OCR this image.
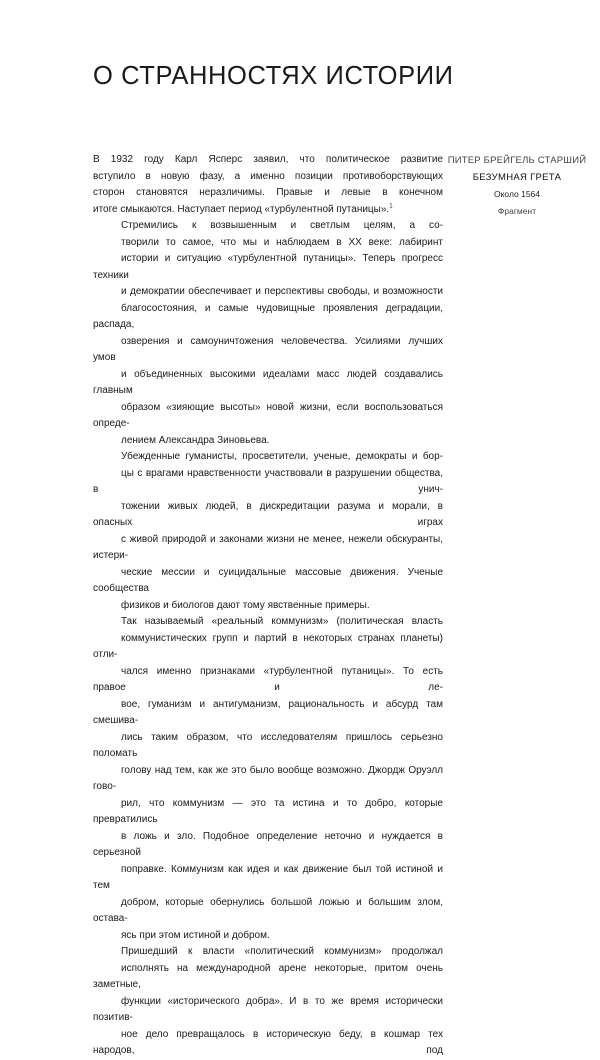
О СТРАННОСТЯХ ИСТОРИИ

В 1932 году Карл Ясперс заявил, что политическое развитие
вступило в новую фазу, а именно позиции противоборствующих
сторон становятся неразличимы. Правые и левые в конечном
итоге смыкаются. Наступает период «турбулентной путаницы».$^1$

Стремились к возвышенным и светлым целям, а со-
творили то самое, что мы и наблюдаем в XX веке: лабиринт
истории и ситуацию «турбулентной путаницы». Теперь прогресс техники
и демократии обеспечивает и перспективы свободы, и возможности
благосостояния, и самые чудовищные проявления деградации, распада,
озверения и самоуничтожения человечества. Усилиями лучших умов
и объединенных высокими идеалами масс людей создавались главным
образом «зияющие высоты» новой жизни, если воспользоваться опреде-
лением Александра Зиновьева.

Убежденные гуманисты, просветители, ученые, демократы и бор-
цы с врагами нравственности участвовали в разрушении общества, в унич-
тожении живых людей, в дискредитации разума и морали, в опасных играх
с живой природой и законами жизни не менее, нежели обскуранты, истери-
ческие мессии и суицидальные массовые движения. Ученые сообщества
физиков и биологов дают тому явственные примеры.

Так называемый «реальный коммунизм» (политическая власть
коммунистических групп и партий в некоторых странах планеты) отли-
чался именно признаками «турбулентной путаницы». То есть правое и ле-
вое, гуманизм и антигуманизм, рациональность и абсурд там смешива-
лись таким образом, что исследователям пришлось серьезно поломать
голову над тем, как же это было вообще возможно. Джордж Оруэлл гово-
рил, что коммунизм — это та истина и то добро, которые превратились
в ложь и зло. Подобное определение неточно и нуждается в серьезной
поправке. Коммунизм как идея и как движение был той истиной и тем
добром, которые обернулись большой ложью и большим злом, остава-
ясь при этом истиной и добром.

Пришедший к власти «политический коммунизм» продолжал
исполнять на международной арене некоторые, притом очень заметные,
функции «исторического добра». И в то же время исторически позитив-
ное дело превращалось в историческую беду, в кошмар тех народов, под

ПИТЕР БРЕЙГЕЛЬ СТАРШИЙ
БЕЗУМНАЯ ГРЕТА
Около 1564
Фрагмент
